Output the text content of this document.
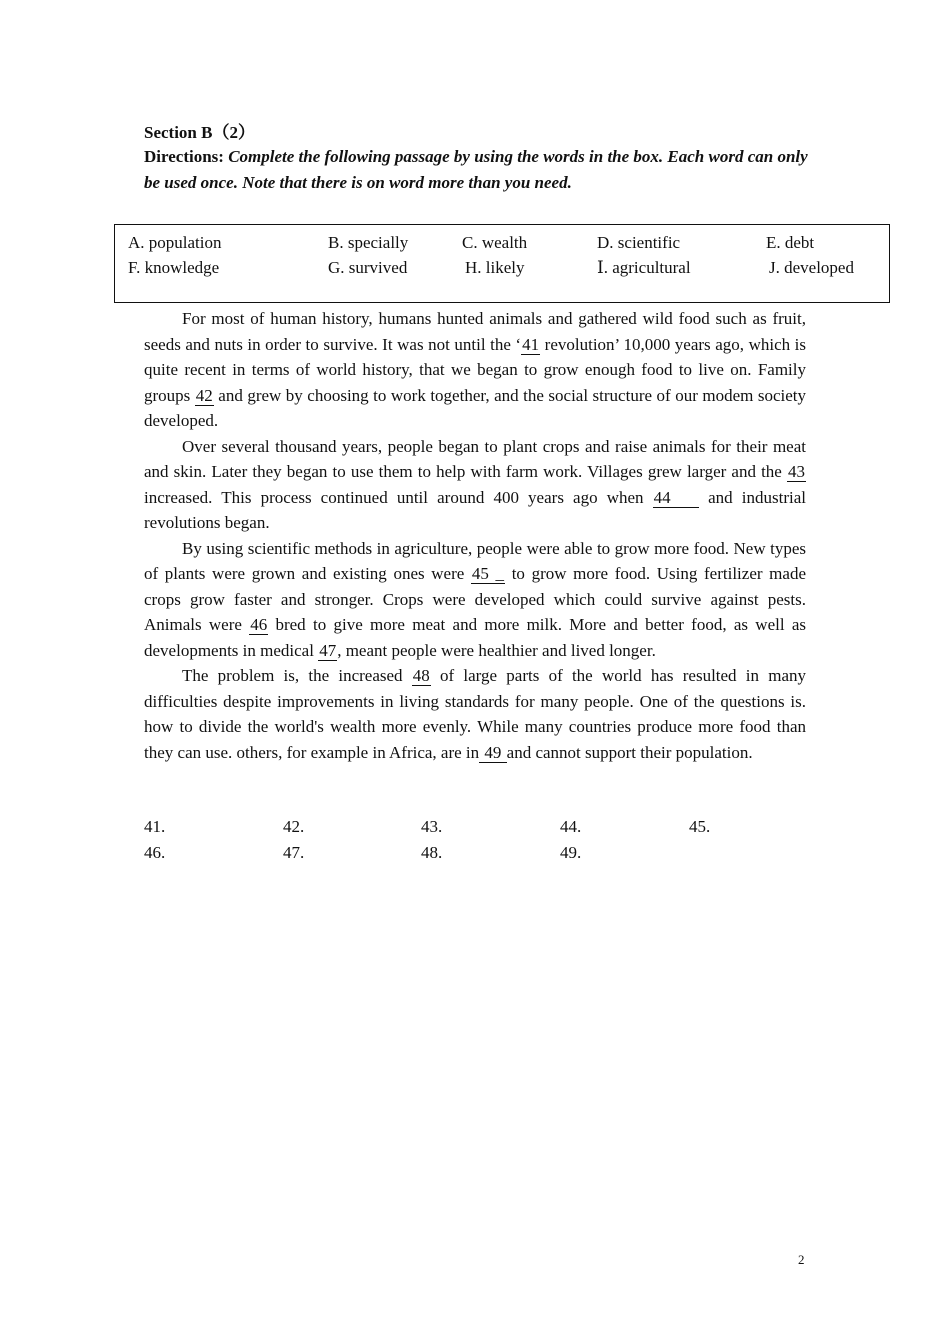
Section B（2）
Directions: Complete the following passage by using the words in the box. Each word can only be used once. Note that there is on word more than you need.
A. population	B. specially	C. wealth	D. scientific	E. debt
F. knowledge	G. survived	H. likely	Ⅰ. agricultural	J. developed

For most of human history, humans hunted animals and gathered wild food such as fruit, seeds and nuts in order to survive. It was not until the ‘41 revolution’ 10,000 years ago, which is quite recent in terms of world history, that we began to grow enough food to live on. Family groups 42 and grew by choosing to work together, and the social structure of our modem society developed.

Over several thousand years, people began to plant crops and raise animals for their meat and skin. Later they began to use them to help with farm work. Villages grew larger and the 43 increased. This process continued until around 400 years ago when 44    and industrial revolutions began.

By using scientific methods in agriculture, people were able to grow more food. New types of plants were grown and existing ones were 45 _ to grow more food. Using fertilizer made crops grow faster and stronger. Crops were developed which could survive against pests. Animals were 46 bred to give more meat and more milk. More and better food, as well as developments in medical 47, meant people were healthier and lived longer.

The problem is, the increased 48 of large parts of the world has resulted in many difficulties despite improvements in living standards for many people. One of the questions is. how to divide the world's wealth more evenly. While many countries produce more food than they can use. others, for example in Africa, are in 49 and cannot support their population.

41.	42.	43.	44.	45.
46.	47.	48.	49.
2
